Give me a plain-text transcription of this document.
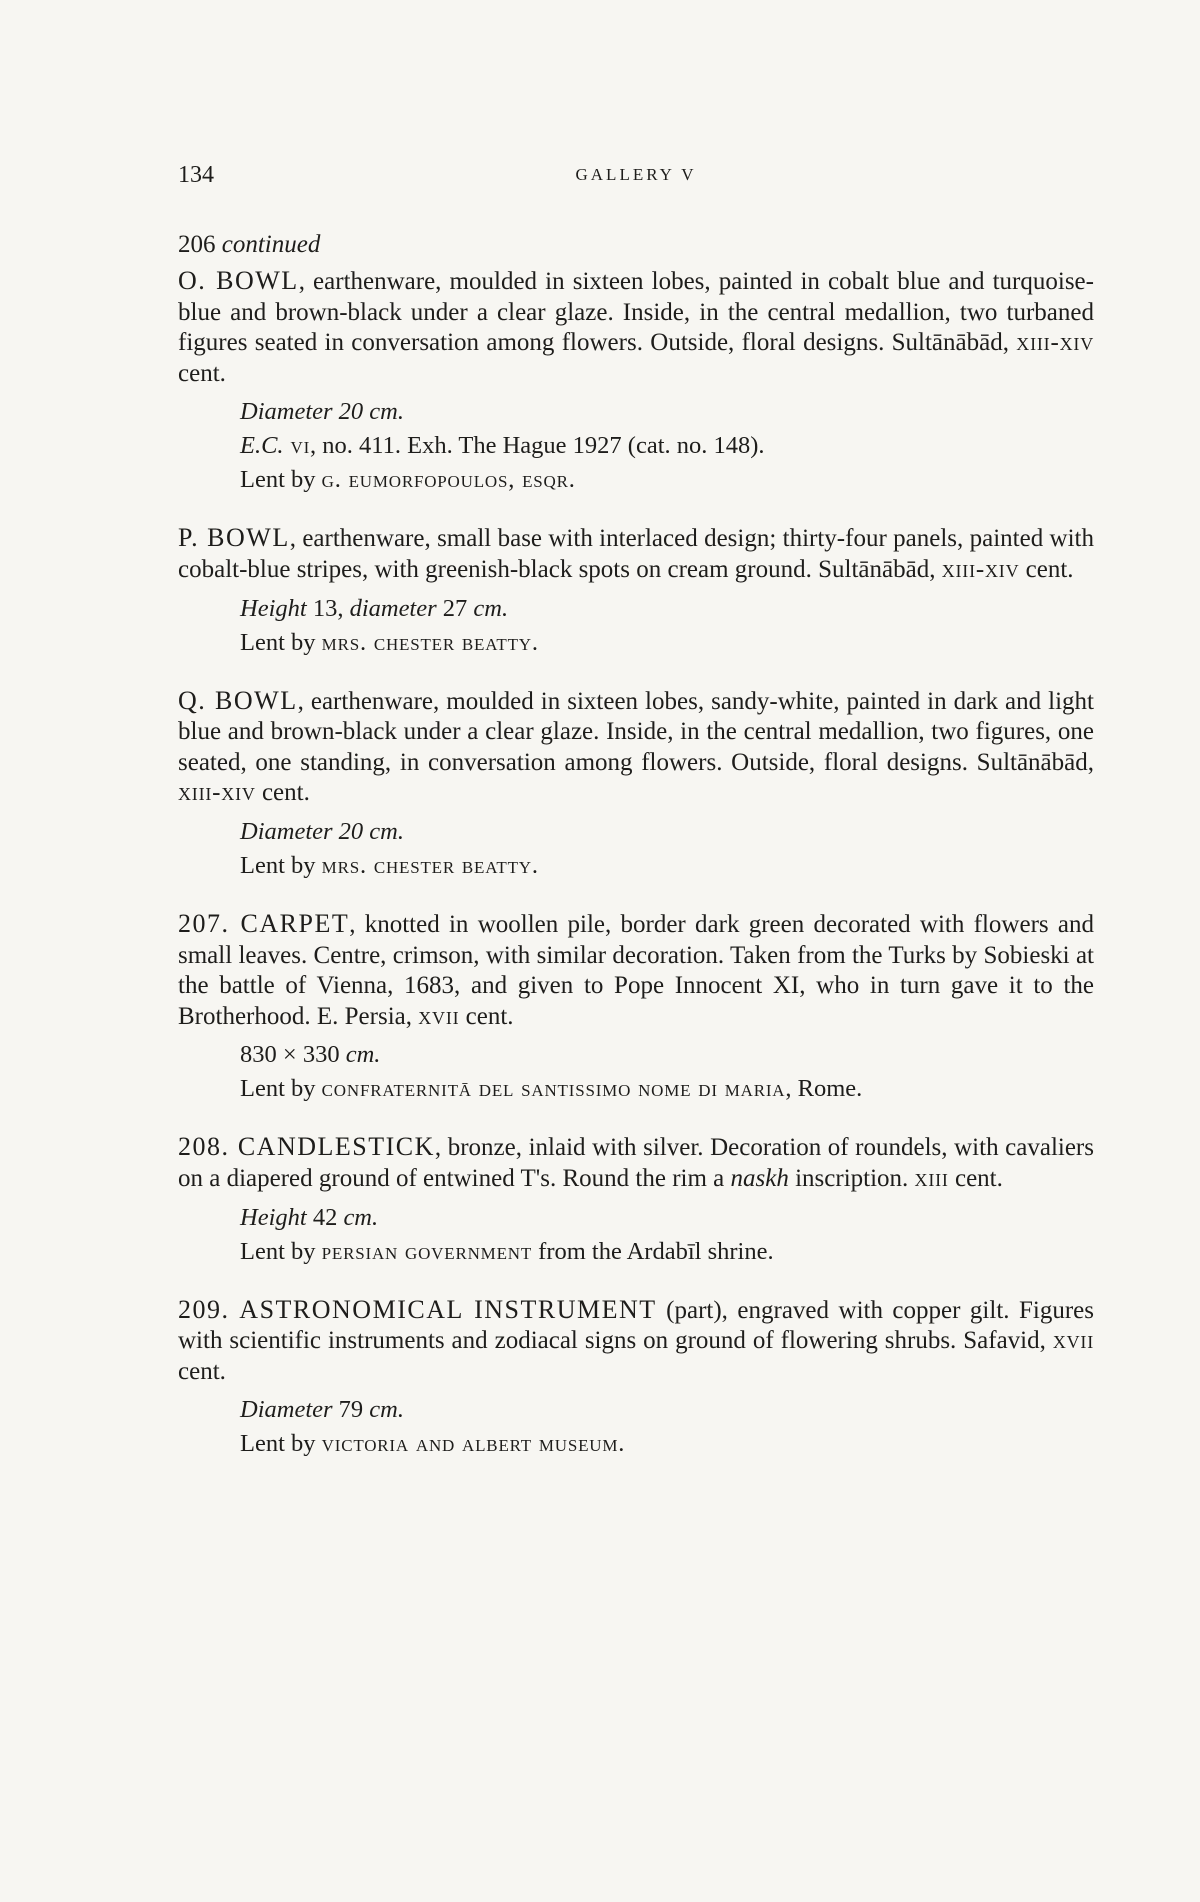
134	GALLERY V

206 continued

O. BOWL, earthenware, moulded in sixteen lobes, painted in cobalt blue and turquoise-blue and brown-black under a clear glaze. Inside, in the central medallion, two turbaned figures seated in conversation among flowers. Outside, floral designs. Sultānābād, xiii-xiv cent.

Diameter 20 cm.

E.C. vi, no. 411. Exh. The Hague 1927 (cat. no. 148).

Lent by g. eumorfopoulos, esqr.

P. BOWL, earthenware, small base with interlaced design; thirty-four panels, painted with cobalt-blue stripes, with greenish-black spots on cream ground. Sultānābād, xiii-xiv cent.

Height 13, diameter 27 cm.

Lent by mrs. chester beatty.

Q. BOWL, earthenware, moulded in sixteen lobes, sandy-white, painted in dark and light blue and brown-black under a clear glaze. Inside, in the central medallion, two figures, one seated, one standing, in conversation among flowers. Outside, floral designs. Sultānābād, xiii-xiv cent.

Diameter 20 cm.

Lent by mrs. chester beatty.

207. CARPET, knotted in woollen pile, border dark green decorated with flowers and small leaves. Centre, crimson, with similar decoration. Taken from the Turks by Sobieski at the battle of Vienna, 1683, and given to Pope Innocent XI, who in turn gave it to the Brotherhood. E. Persia, xvii cent.

830 × 330 cm.

Lent by confraternitā del santissimo nome di maria, Rome.

208. CANDLESTICK, bronze, inlaid with silver. Decoration of roundels, with cavaliers on a diapered ground of entwined T's. Round the rim a naskh inscription. xiii cent.

Height 42 cm.

Lent by persian government from the Ardabīl shrine.

209. ASTRONOMICAL INSTRUMENT (part), engraved with copper gilt. Figures with scientific instruments and zodiacal signs on ground of flowering shrubs. Safavid, xvii cent.

Diameter 79 cm.

Lent by victoria and albert museum.
